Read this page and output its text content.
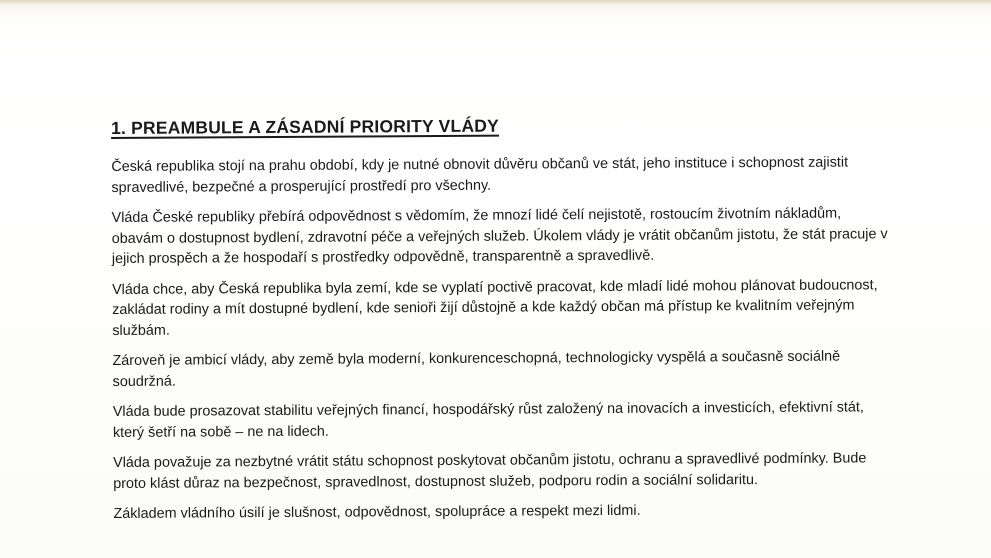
1. PREAMBULE A ZÁSADNÍ PRIORITY VLÁDY

Česká republika stojí na prahu období, kdy je nutné obnovit důvěru občanů ve stát, jeho instituce i schopnost zajistit spravedlivé, bezpečné a prosperující prostředí pro všechny.

Vláda České republiky přebírá odpovědnost s vědomím, že mnozí lidé čelí nejistotě, rostoucím životním nákladům, obavám o dostupnost bydlení, zdravotní péče a veřejných služeb. Úkolem vlády je vrátit občanům jistotu, že stát pracuje v jejich prospěch a že hospodaří s prostředky odpovědně, transparentně a spravedlivě.

Vláda chce, aby Česká republika byla zemí, kde se vyplatí poctivě pracovat, kde mladí lidé mohou plánovat budoucnost, zakládat rodiny a mít dostupné bydlení, kde senioři žijí důstojně a kde každý občan má přístup ke kvalitním veřejným službám.

Zároveň je ambicí vlády, aby země byla moderní, konkurenceschopná, technologicky vyspělá a současně sociálně soudržná.

Vláda bude prosazovat stabilitu veřejných financí, hospodářský růst založený na inovacích a investicích, efektivní stát, který šetří na sobě – ne na lidech.

Vláda považuje za nezbytné vrátit státu schopnost poskytovat občanům jistotu, ochranu a spravedlivé podmínky. Bude proto klást důraz na bezpečnost, spravedlnost, dostupnost služeb, podporu rodin a sociální solidaritu.

Základem vládního úsilí je slušnost, odpovědnost, spolupráce a respekt mezi lidmi.
